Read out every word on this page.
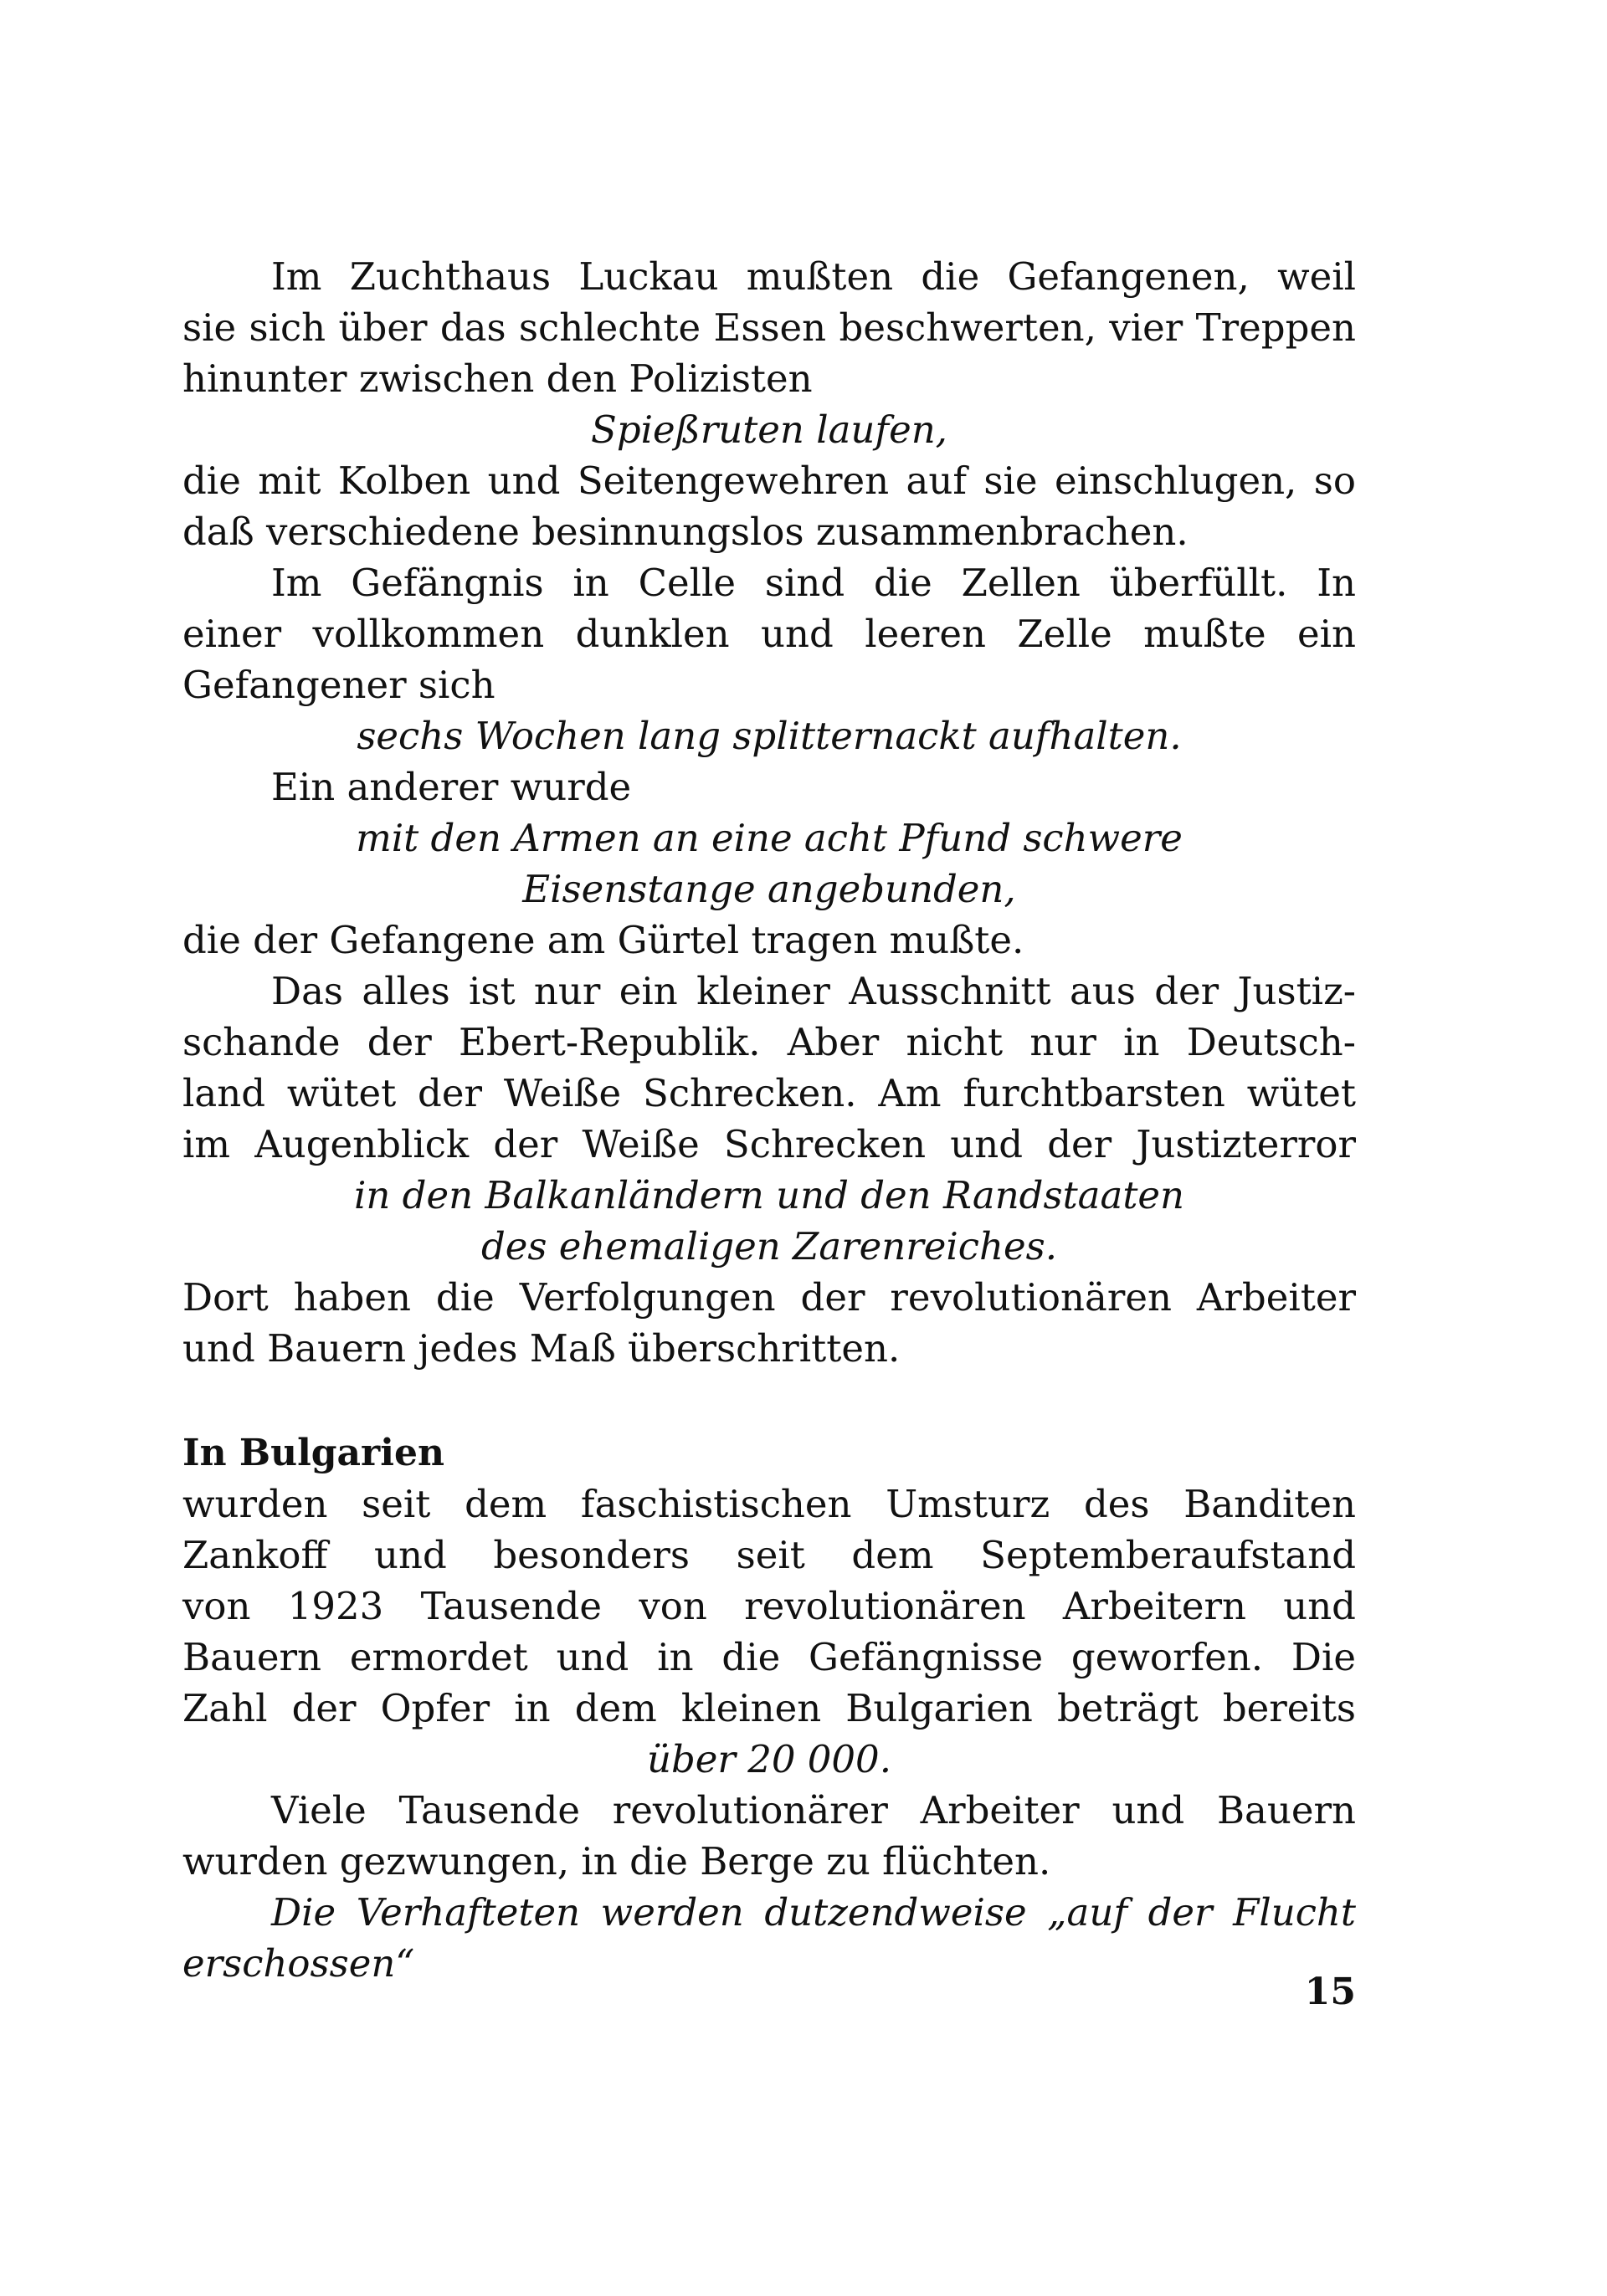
Im Zuchthaus Luckau mußten die Gefangenen, weil
sie sich über das schlechte Essen beschwerten, vier Treppen
hinunter zwischen den Polizisten
Spießruten laufen,
die mit Kolben und Seitengewehren auf sie einschlugen, so
daß verschiedene besinnungslos zusammenbrachen.
Im Gefängnis in Celle sind die Zellen überfüllt. In
einer vollkommen dunklen und leeren Zelle mußte ein
Gefangener sich
sechs Wochen lang splitternackt aufhalten.
Ein anderer wurde
mit den Armen an eine acht Pfund schwere
Eisenstange angebunden,
die der Gefangene am Gürtel tragen mußte.
Das alles ist nur ein kleiner Ausschnitt aus der Justiz-
schande der Ebert-Republik. Aber nicht nur in Deutsch-
land wütet der Weiße Schrecken. Am furchtbarsten wütet
im Augenblick der Weiße Schrecken und der Justizterror
in den Balkanländern und den Randstaaten
des ehemaligen Zarenreiches.
Dort haben die Verfolgungen der revolutionären Arbeiter
und Bauern jedes Maß überschritten.
In Bulgarien
wurden seit dem faschistischen Umsturz des Banditen
Zankoff und besonders seit dem Septemberaufstand
von 1923 Tausende von revolutionären Arbeitern und
Bauern ermordet und in die Gefängnisse geworfen. Die
Zahl der Opfer in dem kleinen Bulgarien beträgt bereits
über 20 000.
Viele Tausende revolutionärer Arbeiter und Bauern
wurden gezwungen, in die Berge zu flüchten.
Die Verhafteten werden dutzendweise „auf der Flucht
erschossen“
15
